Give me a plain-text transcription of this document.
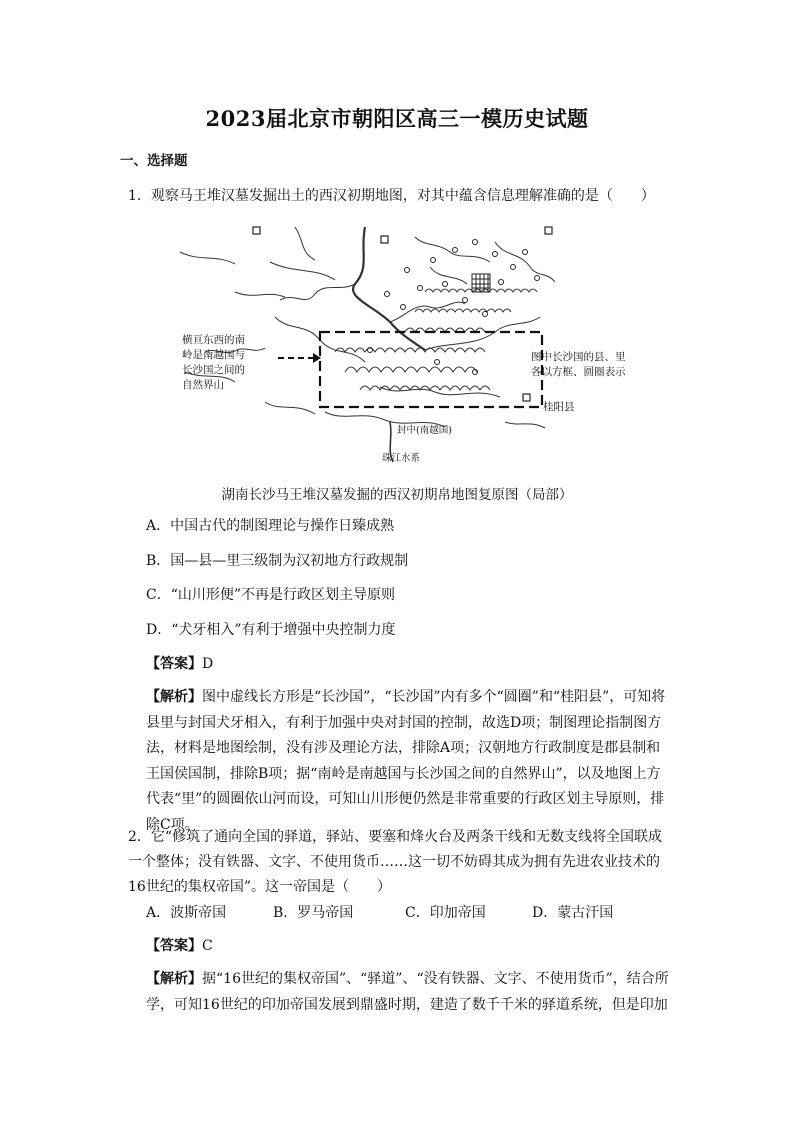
2023届北京市朝阳区高三一模历史试题
一、选择题
1．观察马王堆汉墓发掘出土的西汉初期地图，对其中蕴含信息理解准确的是（　　）
横亘东西的南
岭是南越国与
长沙国之间的
自然界山
图中长沙国的县、里
各以方框、圆圈表示
桂阳县
封中(南越国)
珠江水系
湖南长沙马王堆汉墓发掘的西汉初期帛地图复原图（局部）
A．中国古代的制图理论与操作日臻成熟
B．国—县—里三级制为汉初地方行政规制
C．“山川形便”不再是行政区划主导原则
D．“犬牙相入”有利于增强中央控制力度
【答案】D
【解析】图中虚线长方形是“长沙国”，“长沙国”内有多个“圆圈”和“桂阳县”，可知将县里与封国犬牙相入，有利于加强中央对封国的控制，故选D项；制图理论指制图方法，材料是地图绘制，没有涉及理论方法，排除A项；汉朝地方行政制度是郡县制和王国侯国制，排除B项；据“南岭是南越国与长沙国之间的自然界山”，以及地图上方代表“里”的圆圈依山河而设，可知山川形便仍然是非常重要的行政区划主导原则，排除C项。
2．它“修筑了通向全国的驿道，驿站、要塞和烽火台及两条干线和无数支线将全国联成一个整体；没有铁器、文字、不使用货币……这一切不妨碍其成为拥有先进农业技术的16世纪的集权帝国”。这一帝国是（　　）
A．波斯帝国	B．罗马帝国	C．印加帝国	D．蒙古汗国
【答案】C
【解析】据“16世纪的集权帝国”、“驿道”、“没有铁器、文字、不使用货币”，结合所学，可知16世纪的印加帝国发展到鼎盛时期，建造了数千千米的驿道系统，但是印加
